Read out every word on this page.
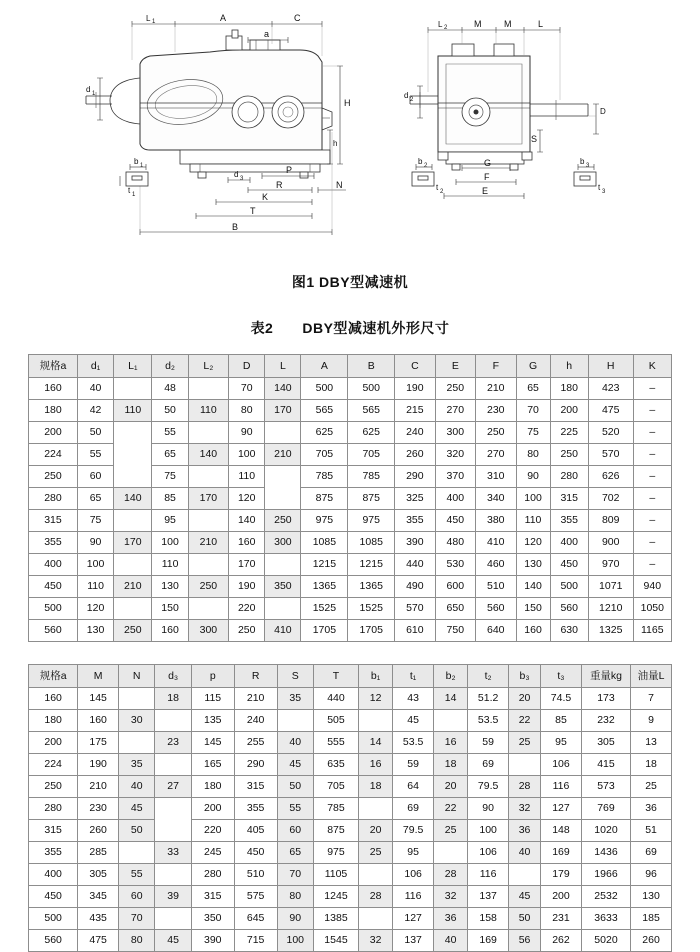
L 1	A	C
a
d 1
H
h
d 3
P
R	N
K
T
B
b 1
t 1
L 2	M	M	L
d 2
D
S
G
F
E
b 2
t 2
b 3
t 3
图1 DBY型减速机
表2　　DBY型减速机外形尺寸
规格a	d₁	L₁	d₂	L₂	D	L	A	B	C	E	F	G	h	H	K
160	40		48		70	140	500	500	190	250	210	65	180	423	–
180	42	110	50	110	80	170	565	565	215	270	230	70	200	475	–
200	50		55		90		625	625	240	300	250	75	225	520	–
224	55		65	140	100	210	705	705	260	320	270	80	250	570	–
250	60		75		110		785	785	290	370	310	90	280	626	–
280	65	140	85	170	120		875	875	325	400	340	100	315	702	–
315	75		95		140	250	975	975	355	450	380	110	355	809	–
355	90	170	100	210	160	300	1085	1085	390	480	410	120	400	900	–
400	100		110		170		1215	1215	440	530	460	130	450	970	–
450	110	210	130	250	190	350	1365	1365	490	600	510	140	500	1071	940
500	120		150		220		1525	1525	570	650	560	150	560	1210	1050
560	130	250	160	300	250	410	1705	1705	610	750	640	160	630	1325	1165
规格a	M	N	d₃	p	R	S	T	b₁	t₁	b₂	t₂	b₃	t₃	重量kg	油量L
160	145		18	115	210	35	440	12	43	14	51.2	20	74.5	173	7
180	160	30		135	240		505		45		53.5	22	85	232	9
200	175		23	145	255	40	555	14	53.5	16	59	25	95	305	13
224	190	35		165	290	45	635	16	59	18	69		106	415	18
250	210	40	27	180	315	50	705	18	64	20	79.5	28	116	573	25
280	230	45		200	355	55	785		69	22	90	32	127	769	36
315	260	50		220	405	60	875	20	79.5	25	100	36	148	1020	51
355	285		33	245	450	65	975	25	95		106	40	169	1436	69
400	305	55		280	510	70	1105		106	28	116		179	1966	96
450	345	60	39	315	575	80	1245	28	116	32	137	45	200	2532	130
500	435	70		350	645	90	1385		127	36	158	50	231	3633	185
560	475	80	45	390	715	100	1545	32	137	40	169	56	262	5020	260
